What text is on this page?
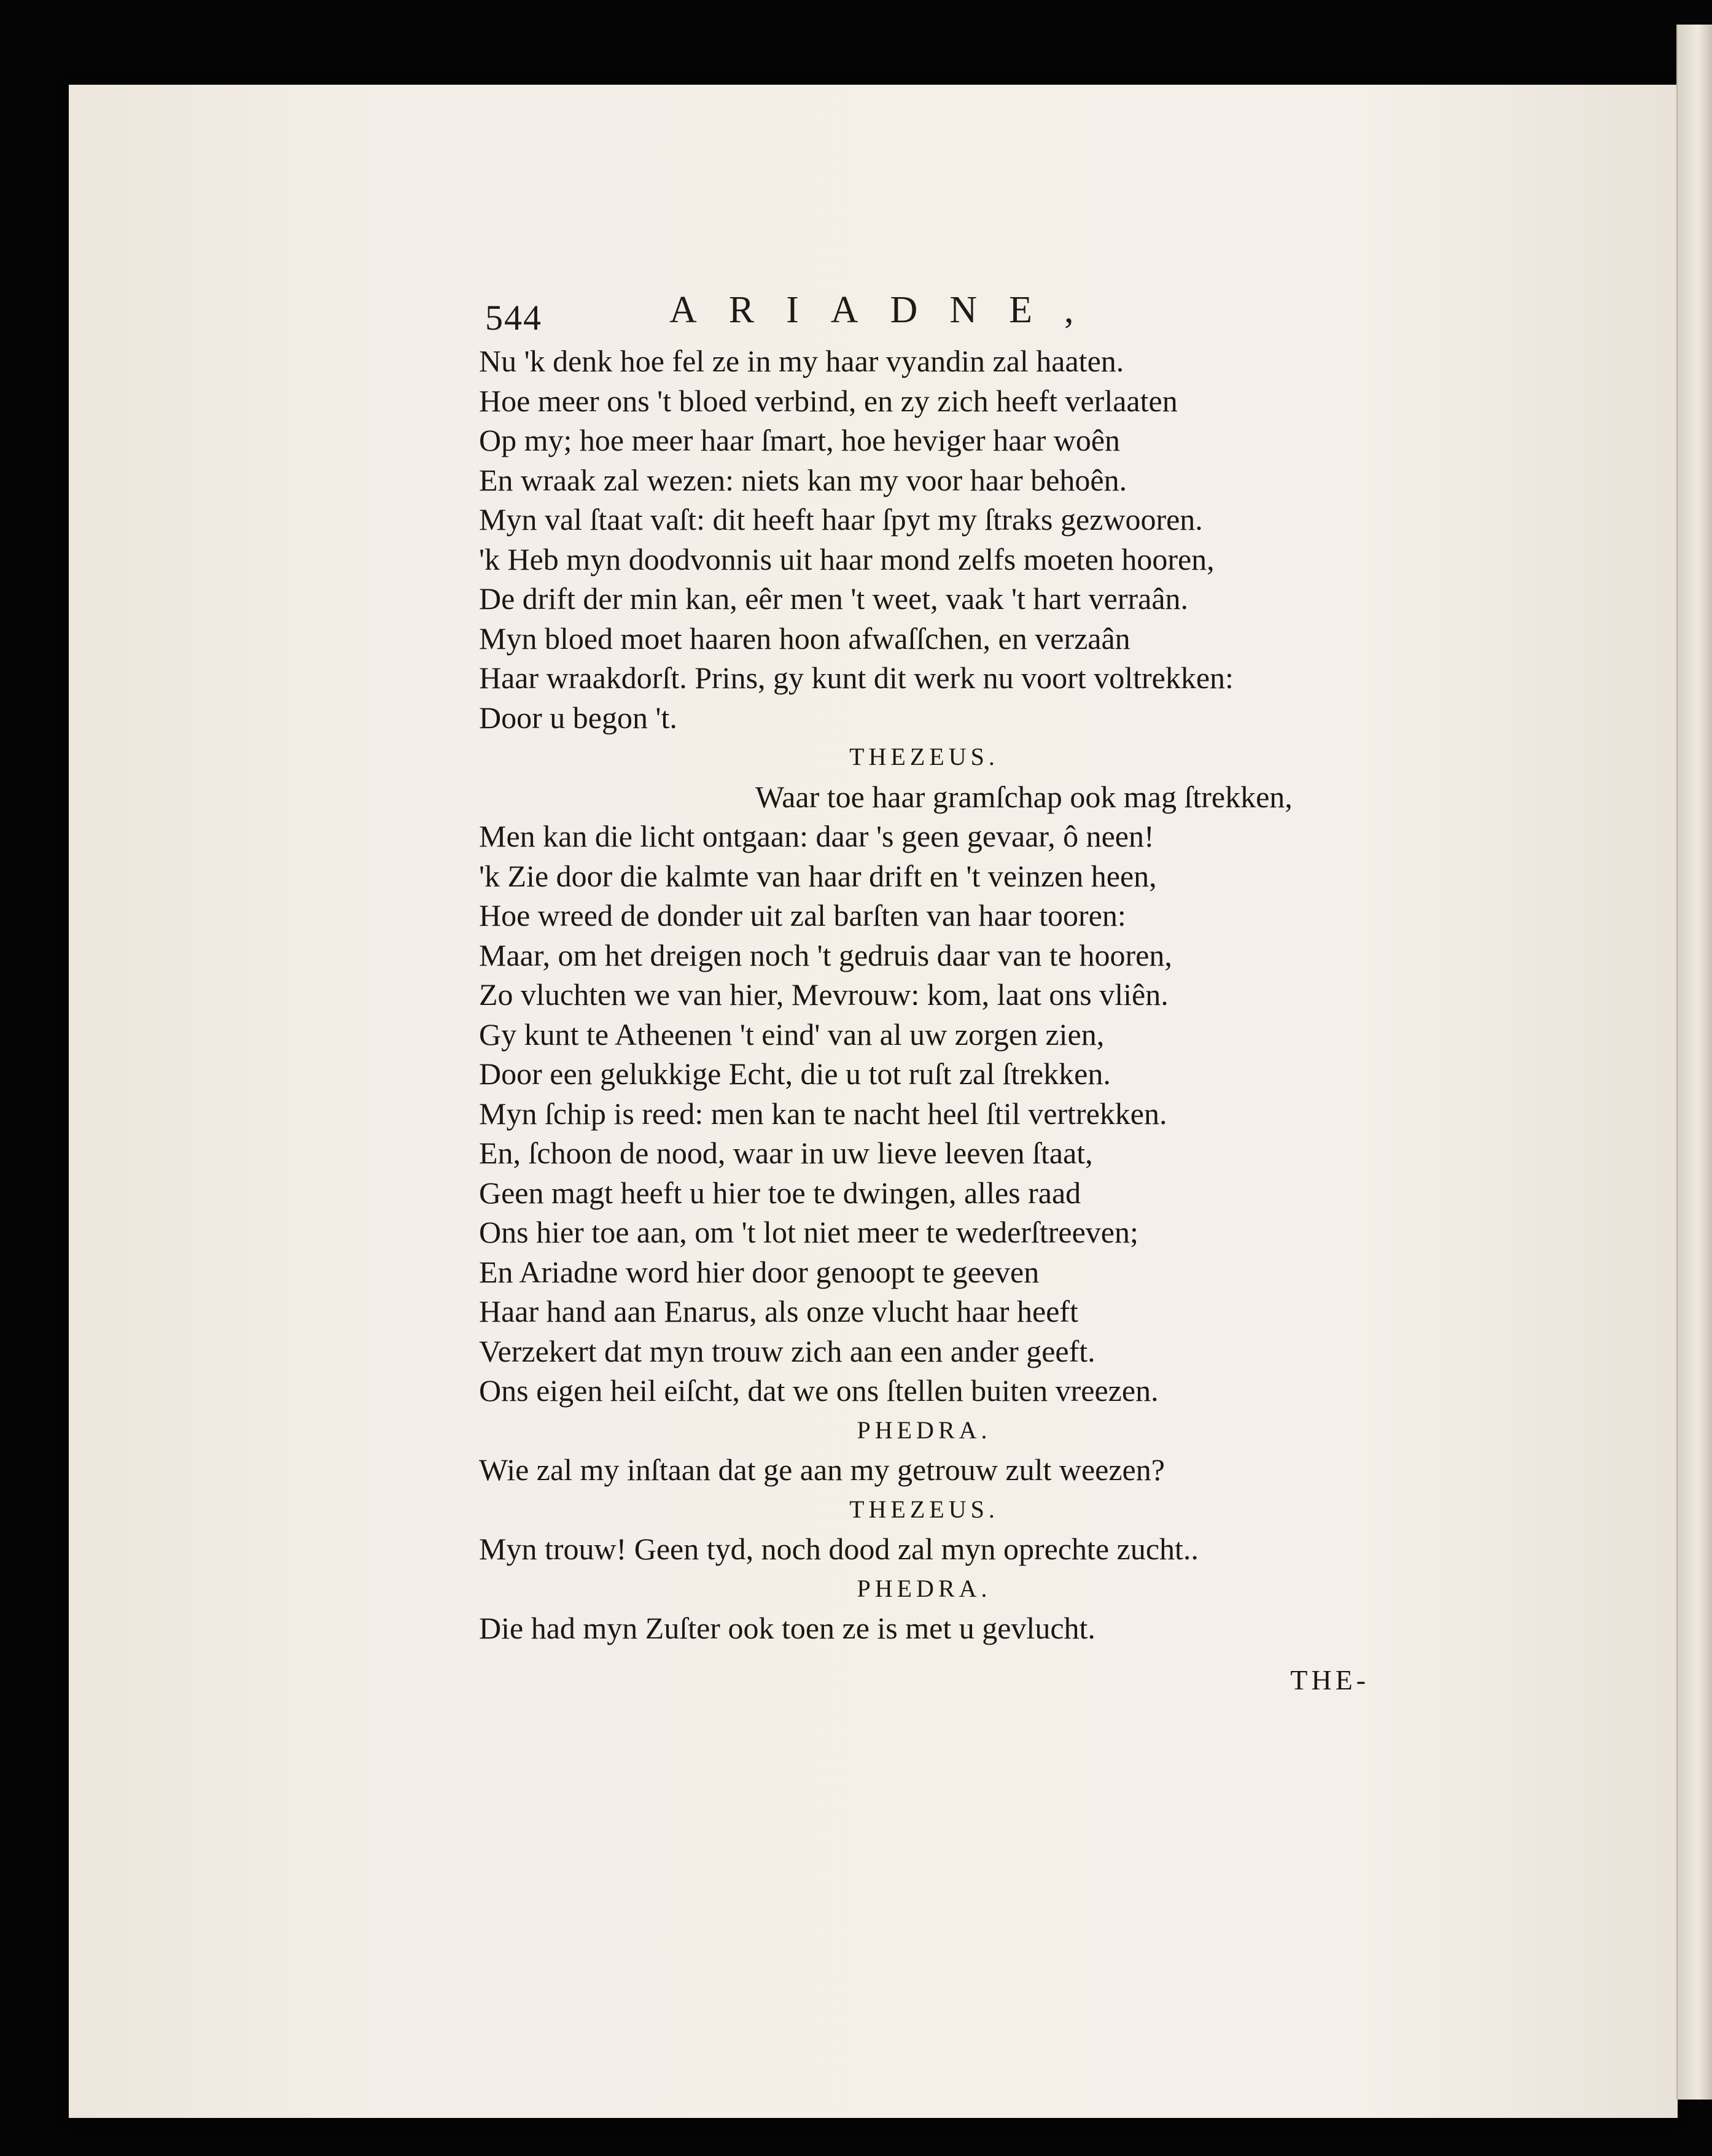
544	ARIADNE,
Nu 'k denk hoe fel ze in my haar vyandin zal haaten.
Hoe meer ons 't bloed verbind, en zy zich heeft verlaaten
Op my; hoe meer haar ſmart, hoe heviger haar woên
En wraak zal wezen: niets kan my voor haar behoên.
Myn val ſtaat vaſt: dit heeft haar ſpyt my ſtraks gezwooren.
'k Heb myn doodvonnis uit haar mond zelfs moeten hooren,
De drift der min kan, eêr men 't weet, vaak 't hart verraân.
Myn bloed moet haaren hoon afwaſſchen, en verzaân
Haar wraakdorſt. Prins, gy kunt dit werk nu voort voltrekken:
Door u begon 't.
THEZEUS.
Waar toe haar gramſchap ook mag ſtrekken,
Men kan die licht ontgaan: daar 's geen gevaar, ô neen!
'k Zie door die kalmte van haar drift en 't veinzen heen,
Hoe wreed de donder uit zal barſten van haar tooren:
Maar, om het dreigen noch 't gedruis daar van te hooren,
Zo vluchten we van hier, Mevrouw: kom, laat ons vliên.
Gy kunt te Atheenen 't eind' van al uw zorgen zien,
Door een gelukkige Echt, die u tot ruſt zal ſtrekken.
Myn ſchip is reed: men kan te nacht heel ſtil vertrekken.
En, ſchoon de nood, waar in uw lieve leeven ſtaat,
Geen magt heeft u hier toe te dwingen, alles raad
Ons hier toe aan, om 't lot niet meer te wederſtreeven;
En Ariadne word hier door genoopt te geeven
Haar hand aan Enarus, als onze vlucht haar heeft
Verzekert dat myn trouw zich aan een ander geeft.
Ons eigen heil eiſcht, dat we ons ſtellen buiten vreezen.
PHEDRA.
Wie zal my inſtaan dat ge aan my getrouw zult weezen?
THEZEUS.
Myn trouw! Geen tyd, noch dood zal myn oprechte zucht..
PHEDRA.
Die had myn Zuſter ook toen ze is met u gevlucht.
THE-
